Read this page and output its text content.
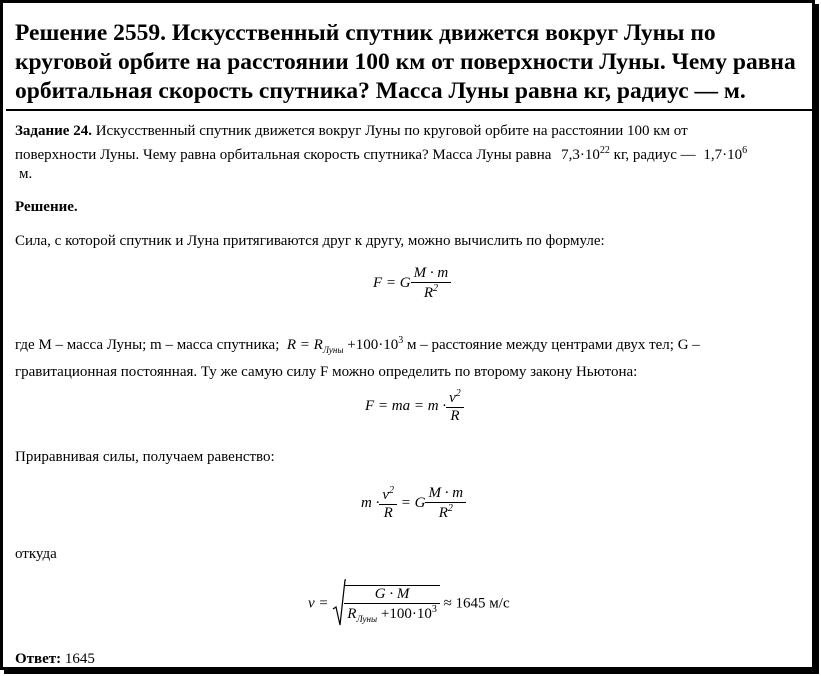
Решение 2559. Искусственный спутник движется вокруг Луны по круговой орбите на расстоянии 100 км от поверхности Луны. Чему равна орбитальная скорость спутника? Масса Луны равна кг, радиус — м.
Задание 24. Искусственный спутник движется вокруг Луны по круговой орбите на расстоянии 100 км от
поверхности Луны. Чему равна орбитальная скорость спутника? Масса Луны равна $7,3\cdot 10^{22}$ кг, радиус — $1,7\cdot 10^6$
м.
Решение.
Сила, с которой спутник и Луна притягиваются друг к другу, можно вычислить по формуле:
F = G $\frac{M \cdot m}{R^2}$
где M – масса Луны; m – масса спутника;  $R = R_{Луны} +100\cdot 10^3$ м – расстояние между центрами двух тел; G –
гравитационная постоянная. Ту же самую силу F можно определить по второму закону Ньютона:
F = ma = $m \cdot \frac{v^2}{R}$
Приравнивая силы, получаем равенство:
$m \cdot \frac{v^2}{R} = G \frac{M \cdot m}{R^2}$
откуда
$v = \frac{G \cdot M}{R_{Луны} +100\cdot 10^3} \approx 1645$ м/с
Ответ: 1645
